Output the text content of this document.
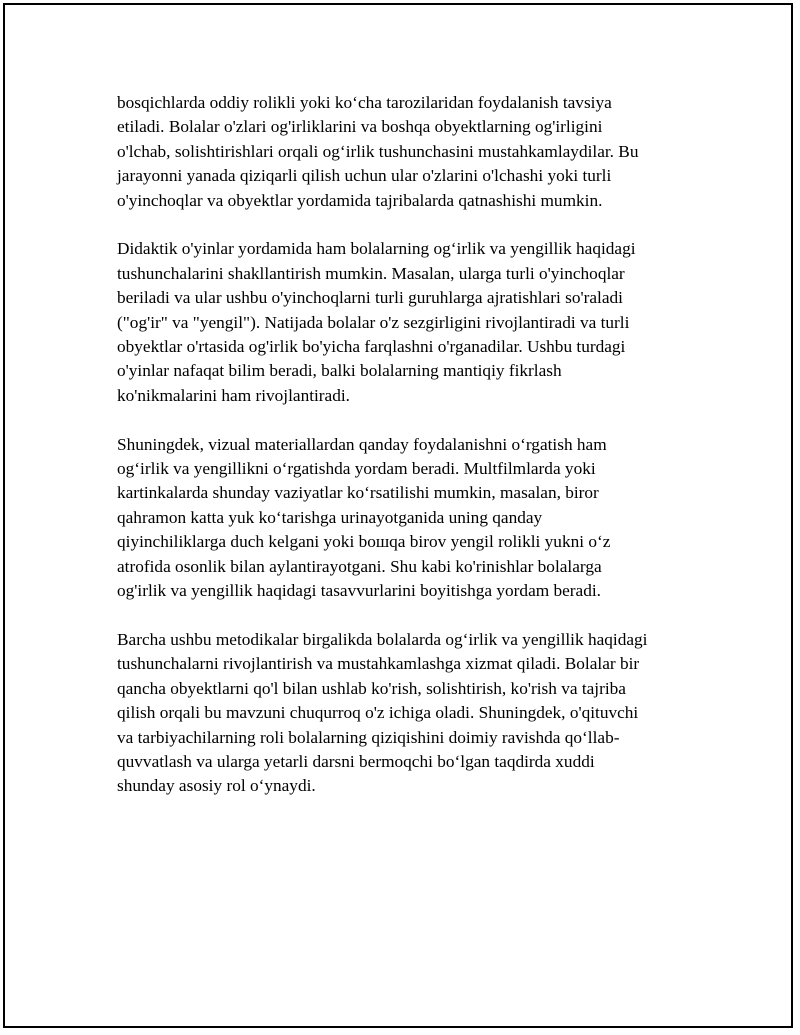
bosqichlarda oddiy rolikli yoki ko‘cha tarozilaridan foydalanish tavsiya
etiladi. Bolalar o'zlari og'irliklarini va boshqa obyektlarning og'irligini
o'lchab, solishtirishlari orqali og‘irlik tushunchasini mustahkamlaydilar. Bu
jarayonni yanada qiziqarli qilish uchun ular o'zlarini o'lchashi yoki turli
o'yinchoqlar va obyektlar yordamida tajribalarda qatnashishi mumkin.

Didaktik o'yinlar yordamida ham bolalarning og‘irlik va yengillik haqidagi
tushunchalarini shakllantirish mumkin. Masalan, ularga turli o'yinchoqlar
beriladi va ular ushbu o'yinchoqlarni turli guruhlarga ajratishlari so'raladi
("og'ir" va "yengil"). Natijada bolalar o'z sezgirligini rivojlantiradi va turli
obyektlar o'rtasida og'irlik bo'yicha farqlashni o'rganadilar. Ushbu turdagi
o'yinlar nafaqat bilim beradi, balki bolalarning mantiqiy fikrlash
ko'nikmalarini ham rivojlantiradi.

Shuningdek, vizual materiallardan qanday foydalanishni o‘rgatish ham
og‘irlik va yengillikni o‘rgatishda yordam beradi. Multfilmlarda yoki
kartinkalarda shunday vaziyatlar ko‘rsatilishi mumkin, masalan, biror
qahramon katta yuk ko‘tarishga urinayotganida uning qanday
qiyinchiliklarga duch kelgani yoki boшqa birov yengil rolikli yukni o‘z
atrofida osonlik bilan aylantirayotgani. Shu kabi ko'rinishlar bolalarga
og'irlik va yengillik haqidagi tasavvurlarini boyitishga yordam beradi.

Barcha ushbu metodikalar birgalikda bolalarda og‘irlik va yengillik haqidagi
tushunchalarni rivojlantirish va mustahkamlashga xizmat qiladi. Bolalar bir
qancha obyektlarni qo'l bilan ushlab ko'rish, solishtirish, ko'rish va tajriba
qilish orqali bu mavzuni chuqurroq o'z ichiga oladi. Shuningdek, o'qituvchi
va tarbiyachilarning roli bolalarning qiziqishini doimiy ravishda qo‘llab-
quvvatlash va ularga yetarli darsni bermoqchi bo‘lgan taqdirda xuddi
shunday asosiy rol o‘ynaydi.
